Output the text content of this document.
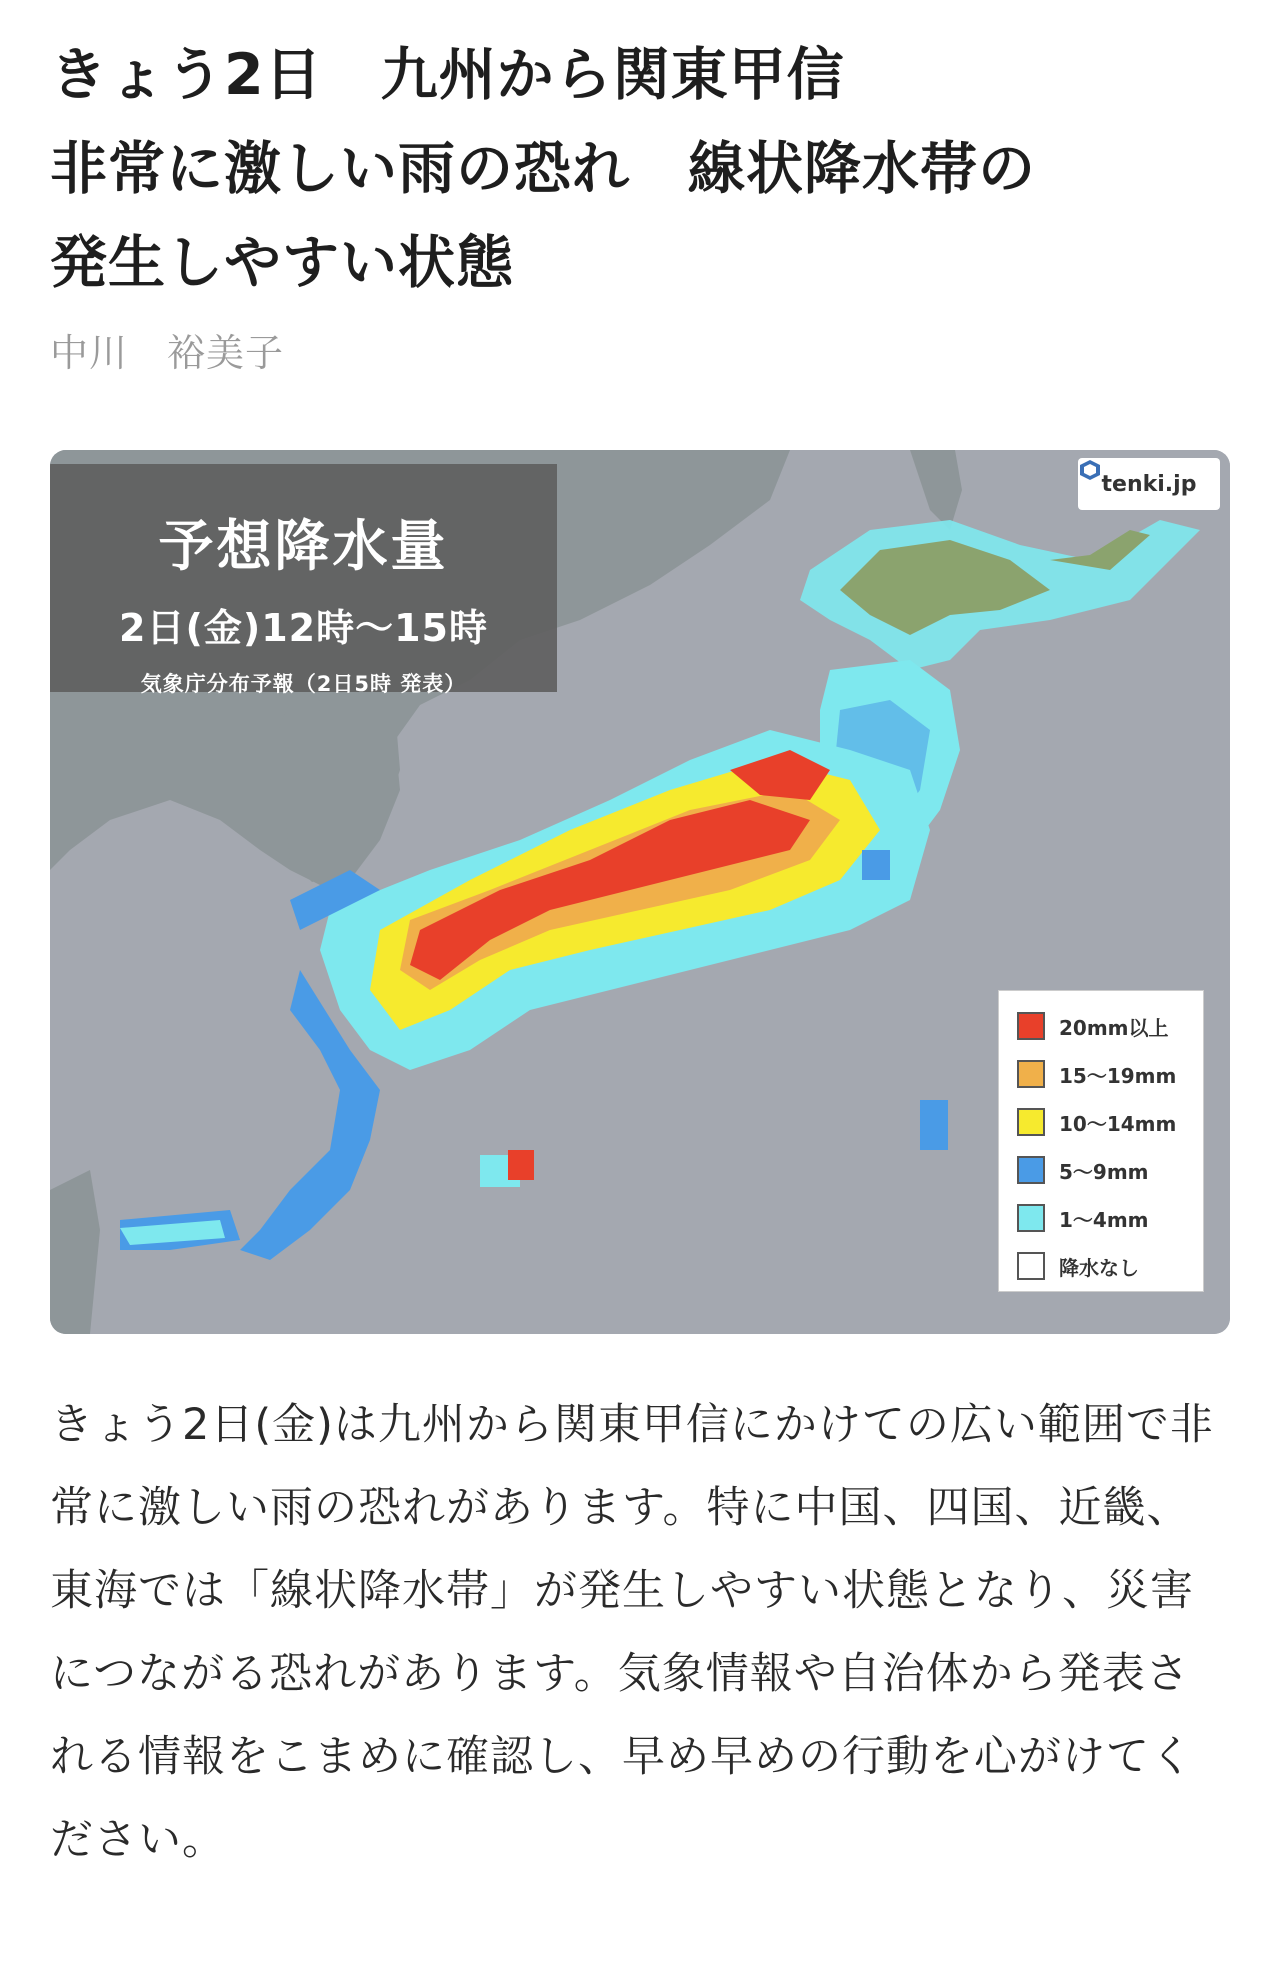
きょう2日　九州から関東甲信
非常に激しい雨の恐れ　線状降水帯の
発生しやすい状態
中川　裕美子
予想降水量
2日(金)12時〜15時
気象庁分布予報（2日5時 発表）
tenki.jp
20mm以上
15〜19mm
10〜14mm
5〜9mm
1〜4mm
降水なし
きょう2日(金)は九州から関東甲信にかけての広い範囲で非
常に激しい雨の恐れがあります。特に中国、四国、近畿、
東海では「線状降水帯」が発生しやすい状態となり、災害
につながる恐れがあります。気象情報や自治体から発表さ
れる情報をこまめに確認し、早め早めの行動を心がけてく
ださい。
